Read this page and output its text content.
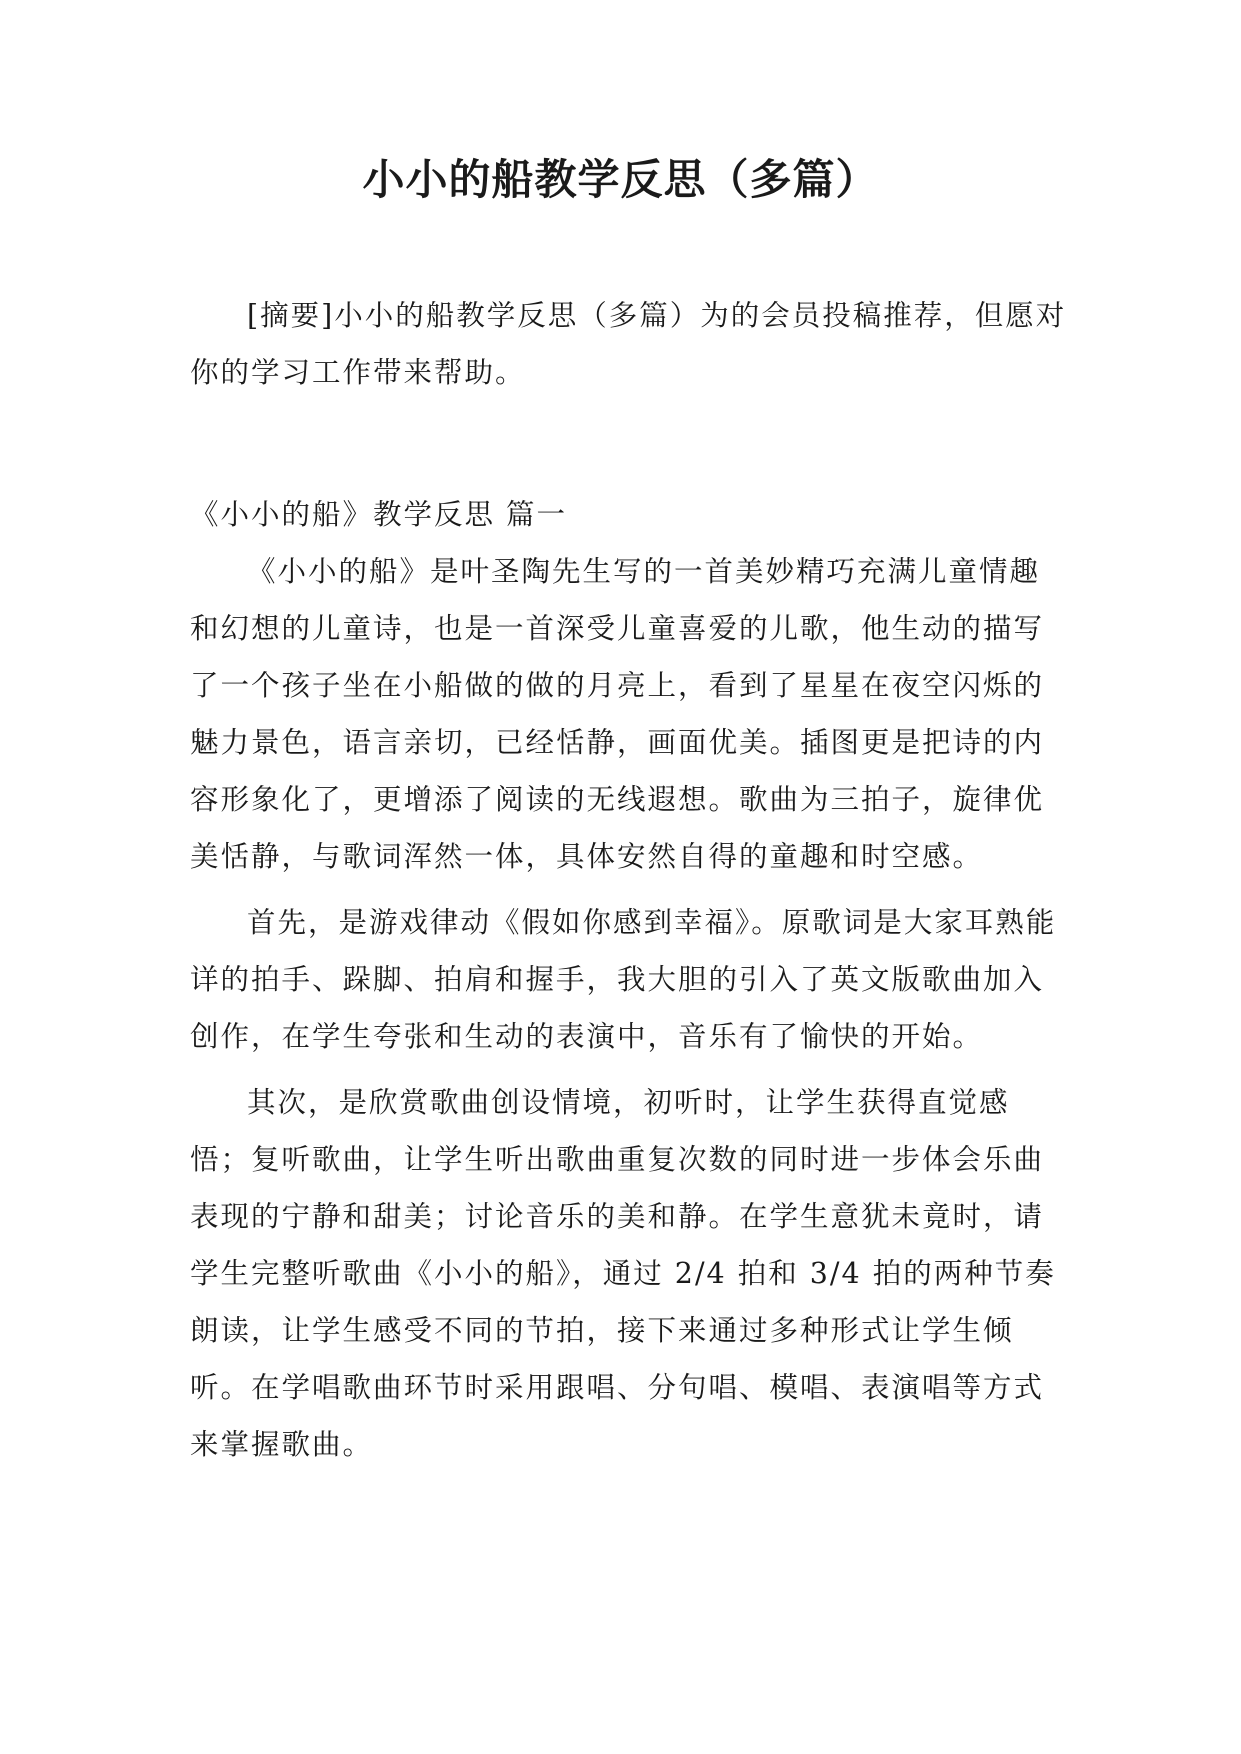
小小的船教学反思（多篇）

[摘要]小小的船教学反思（多篇）为的会员投稿推荐，但愿对你的学习工作带来帮助。

《小小的船》教学反思 篇一

《小小的船》是叶圣陶先生写的一首美妙精巧充满儿童情趣和幻想的儿童诗，也是一首深受儿童喜爱的儿歌，他生动的描写了一个孩子坐在小船做的做的月亮上，看到了星星在夜空闪烁的魅力景色，语言亲切，已经恬静，画面优美。插图更是把诗的内容形象化了，更增添了阅读的无线遐想。歌曲为三拍子，旋律优美恬静，与歌词浑然一体，具体安然自得的童趣和时空感。

首先，是游戏律动《假如你感到幸福》。原歌词是大家耳熟能详的拍手、跺脚、拍肩和握手，我大胆的引入了英文版歌曲加入创作，在学生夸张和生动的表演中，音乐有了愉快的开始。

其次，是欣赏歌曲创设情境，初听时，让学生获得直觉感悟；复听歌曲，让学生听出歌曲重复次数的同时进一步体会乐曲表现的宁静和甜美；讨论音乐的美和静。在学生意犹未竟时，请学生完整听歌曲《小小的船》，通过 2/4 拍和 3/4 拍的两种节奏朗读，让学生感受不同的节拍，接下来通过多种形式让学生倾听。在学唱歌曲环节时采用跟唱、分句唱、模唱、表演唱等方式来掌握歌曲。
